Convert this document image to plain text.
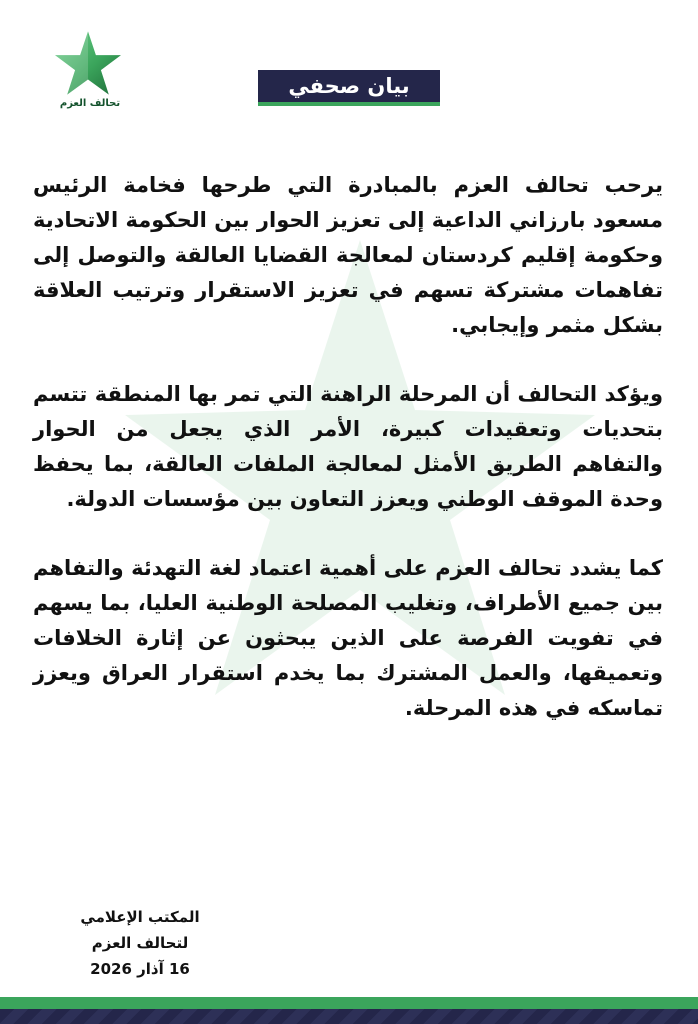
تحالف العزم
بيان صحفي

يرحب تحالف العزم بالمبادرة التي طرحها فخامة الرئيس مسعود بارزاني الداعية إلى تعزيز الحوار بين الحكومة الاتحادية وحكومة إقليم كردستان لمعالجة القضايا العالقة والتوصل إلى تفاهمات مشتركة تسهم في تعزيز الاستقرار وترتيب العلاقة بشكل مثمر وإيجابي.

ويؤكد التحالف أن المرحلة الراهنة التي تمر بها المنطقة تتسم بتحديات وتعقيدات كبيرة، الأمر الذي يجعل من الحوار والتفاهم الطريق الأمثل لمعالجة الملفات العالقة، بما يحفظ وحدة الموقف الوطني ويعزز التعاون بين مؤسسات الدولة.

كما يشدد تحالف العزم على أهمية اعتماد لغة التهدئة والتفاهم بين جميع الأطراف، وتغليب المصلحة الوطنية العليا، بما يسهم في تفويت الفرصة على الذين يبحثون عن إثارة الخلافات وتعميقها، والعمل المشترك بما يخدم استقرار العراق ويعزز تماسكه في هذه المرحلة.

المكتب الإعلامي
لتحالف العزم
16 آذار 2026
